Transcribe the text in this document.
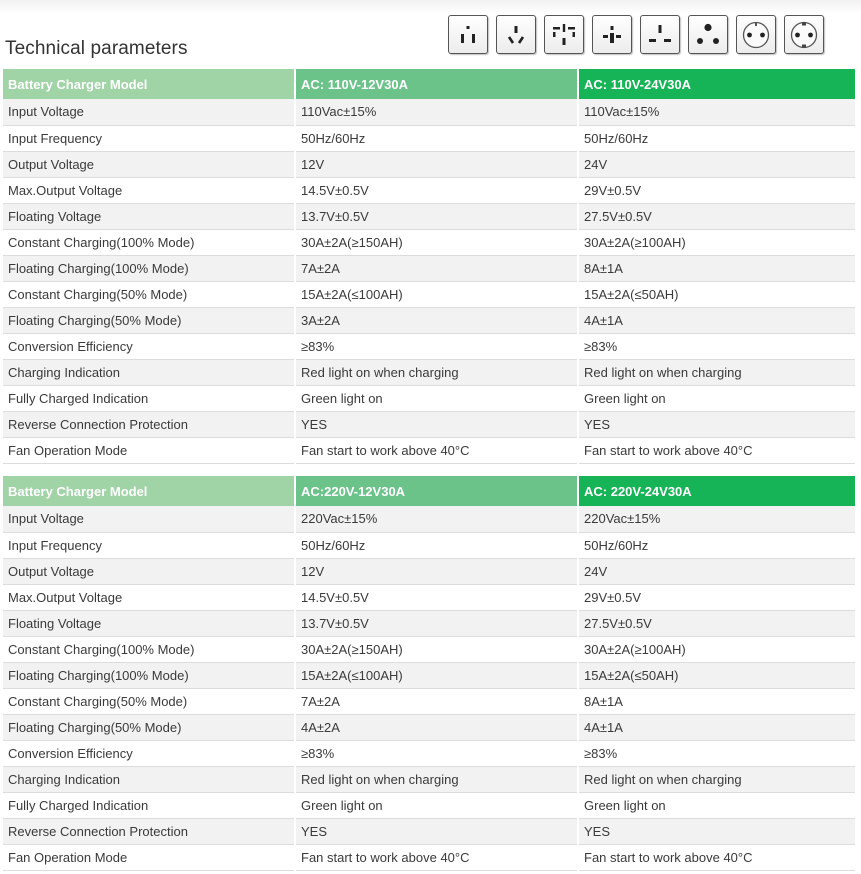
Technical parameters
Battery Charger Model	AC: 110V-12V30A	AC: 110V-24V30A
Input Voltage	110Vac±15%	110Vac±15%
Input Frequency	50Hz/60Hz	50Hz/60Hz
Output Voltage	12V	24V
Max.Output Voltage	14.5V±0.5V	29V±0.5V
Floating Voltage	13.7V±0.5V	27.5V±0.5V
Constant Charging(100% Mode)	30A±2A(≥150AH)	30A±2A(≥100AH)
Floating Charging(100% Mode)	7A±2A	8A±1A
Constant Charging(50% Mode)	15A±2A(≤100AH)	15A±2A(≤50AH)
Floating Charging(50% Mode)	3A±2A	4A±1A
Conversion Efficiency	≥83%	≥83%
Charging Indication	Red light on when charging	Red light on when charging
Fully Charged Indication	Green light on	Green light on
Reverse Connection Protection	YES	YES
Fan Operation Mode	Fan start to work above 40°C	Fan start to work above 40°C
Battery Charger Model	AC:220V-12V30A	AC: 220V-24V30A
Input Voltage	220Vac±15%	220Vac±15%
Input Frequency	50Hz/60Hz	50Hz/60Hz
Output Voltage	12V	24V
Max.Output Voltage	14.5V±0.5V	29V±0.5V
Floating Voltage	13.7V±0.5V	27.5V±0.5V
Constant Charging(100% Mode)	30A±2A(≥150AH)	30A±2A(≥100AH)
Floating Charging(100% Mode)	15A±2A(≤100AH)	15A±2A(≤50AH)
Constant Charging(50% Mode)	7A±2A	8A±1A
Floating Charging(50% Mode)	4A±2A	4A±1A
Conversion Efficiency	≥83%	≥83%
Charging Indication	Red light on when charging	Red light on when charging
Fully Charged Indication	Green light on	Green light on
Reverse Connection Protection	YES	YES
Fan Operation Mode	Fan start to work above 40°C	Fan start to work above 40°C
